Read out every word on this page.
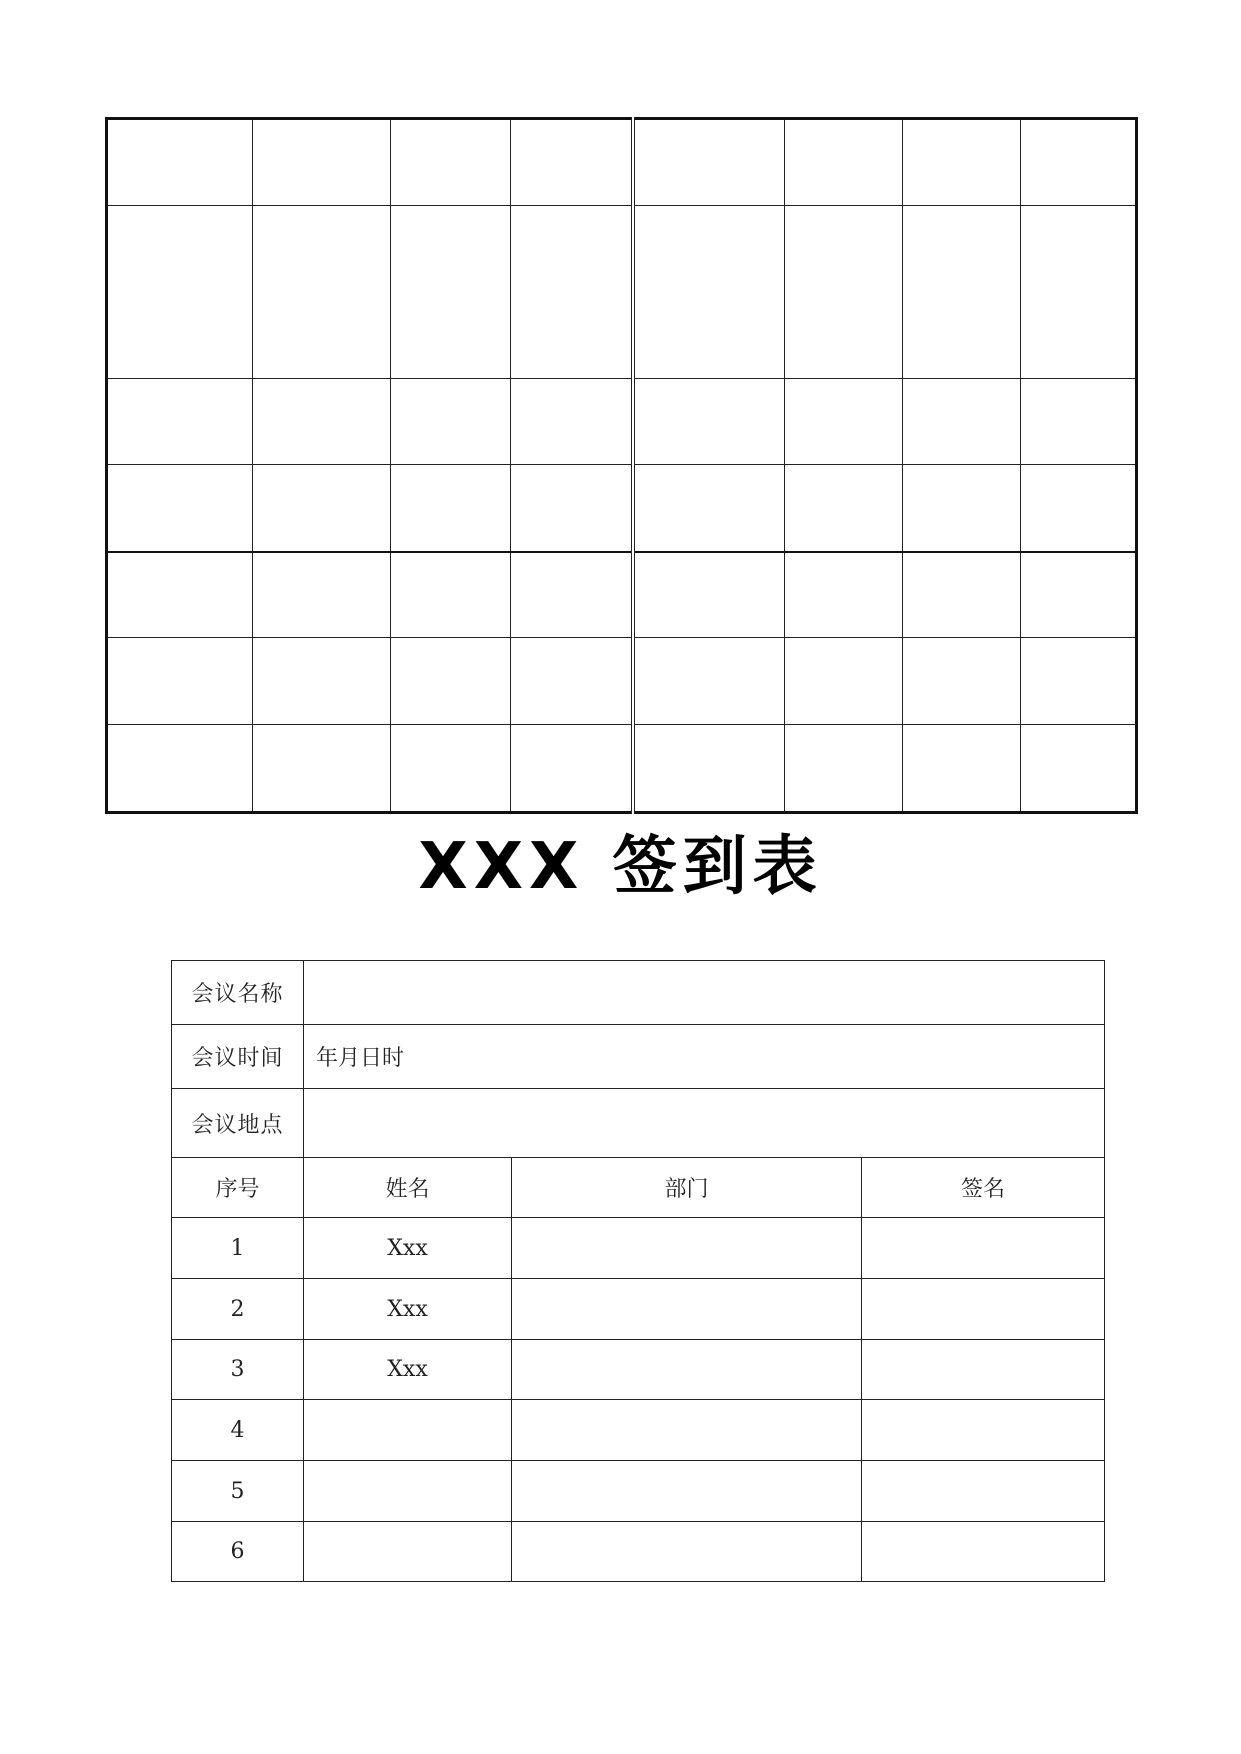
XXX 签到表
会议名称			
会议时间	年月日时		
会议地点			
序号	姓名	部门	签名
1	Xxx		
2	Xxx		
3	Xxx		
4			
5			
6			
